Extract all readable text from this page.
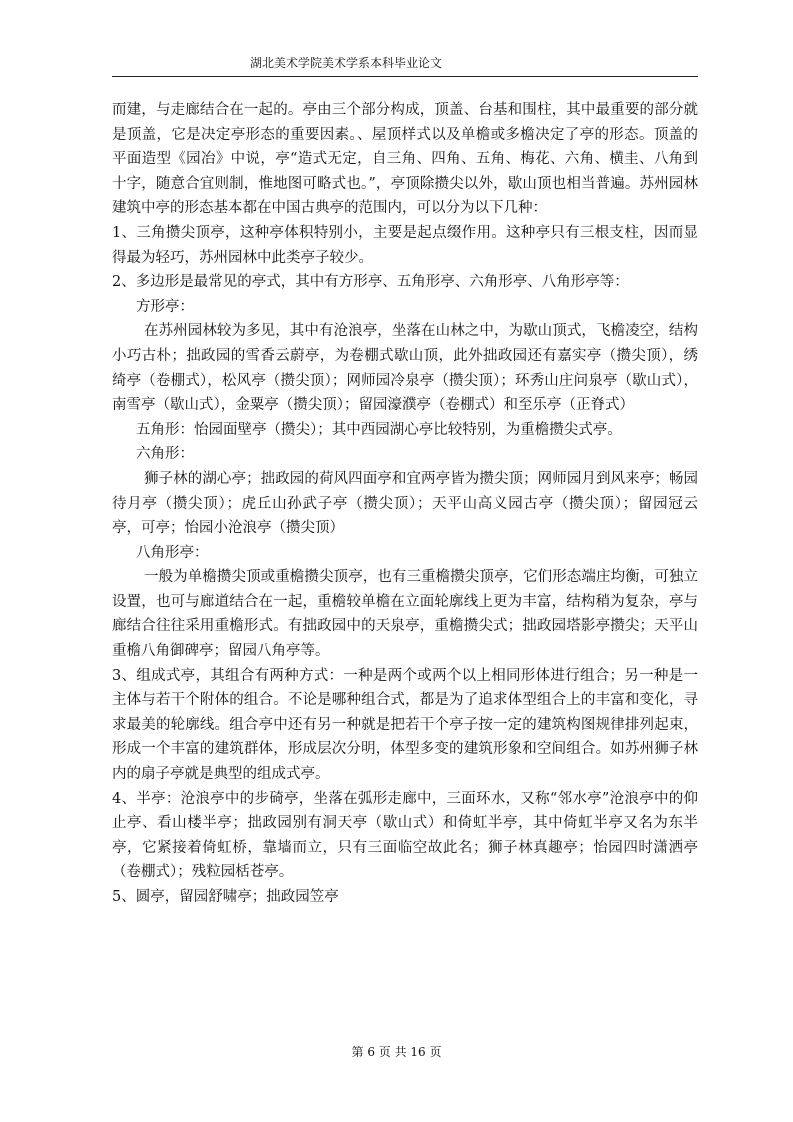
湖北美术学院美术学系本科毕业论文

而建，与走廊结合在一起的。亭由三个部分构成，顶盖、台基和围柱，其中最重要的部分就是顶盖，它是决定亭形态的重要因素。、屋顶样式以及单檐或多檐决定了亭的形态。顶盖的平面造型《园冶》中说，亭“造式无定，自三角、四角、五角、梅花、六角、横圭、八角到十字，随意合宜则制，惟地图可略式也。”，亭顶除攒尖以外，歇山顶也相当普遍。苏州园林建筑中亭的形态基本都在中国古典亭的范围内，可以分为以下几种：

1、三角攒尖顶亭，这种亭体积特别小，主要是起点缀作用。这种亭只有三根支柱，因而显得最为轻巧，苏州园林中此类亭子较少。

2、多边形是最常见的亭式，其中有方形亭、五角形亭、六角形亭、八角形亭等：

方形亭：

在苏州园林较为多见，其中有沧浪亭，坐落在山林之中，为歇山顶式，飞檐凌空，结构小巧古朴；拙政园的雪香云蔚亭，为卷棚式歇山顶，此外拙政园还有嘉实亭（攒尖顶），绣绮亭（卷棚式），松风亭（攒尖顶）；网师园冷泉亭（攒尖顶）；环秀山庄问泉亭（歇山式），南雪亭（歇山式），金粟亭（攒尖顶）；留园濠濮亭（卷棚式）和至乐亭（正脊式）

五角形：怡园面壁亭（攒尖）；其中西园湖心亭比较特别，为重檐攒尖式亭。

六角形：

狮子林的湖心亭；拙政园的荷风四面亭和宜两亭皆为攒尖顶；网师园月到风来亭；畅园待月亭（攒尖顶）；虎丘山孙武子亭（攒尖顶）；天平山高义园古亭（攒尖顶）；留园冠云亭，可亭；怡园小沧浪亭（攒尖顶）

八角形亭：

一般为单檐攒尖顶或重檐攒尖顶亭，也有三重檐攒尖顶亭，它们形态端庄均衡，可独立设置，也可与廊道结合在一起，重檐较单檐在立面轮廓线上更为丰富，结构稍为复杂，亭与廊结合往往采用重檐形式。有拙政园中的天泉亭，重檐攒尖式；拙政园塔影亭攒尖；天平山重檐八角御碑亭；留园八角亭等。

3、组成式亭，其组合有两种方式：一种是两个或两个以上相同形体进行组合；另一种是一主体与若干个附体的组合。不论是哪种组合式，都是为了追求体型组合上的丰富和变化，寻求最美的轮廓线。组合亭中还有另一种就是把若干个亭子按一定的建筑构图规律排列起束，形成一个丰富的建筑群体，形成层次分明，体型多变的建筑形象和空间组合。如苏州狮子林内的扇子亭就是典型的组成式亭。

4、半亭：沧浪亭中的步碕亭，坐落在弧形走廊中，三面环水，又称“邻水亭”沧浪亭中的仰止亭、看山楼半亭；拙政园别有洞天亭（歇山式）和倚虹半亭，其中倚虹半亭又名为东半亭，它紧接着倚虹桥，靠墙而立，只有三面临空故此名；狮子林真趣亭；怡园四时潇洒亭（卷棚式）；残粒园栝苍亭。

5、圆亭，留园舒啸亭；拙政园笠亭

第 6 页 共 16 页
